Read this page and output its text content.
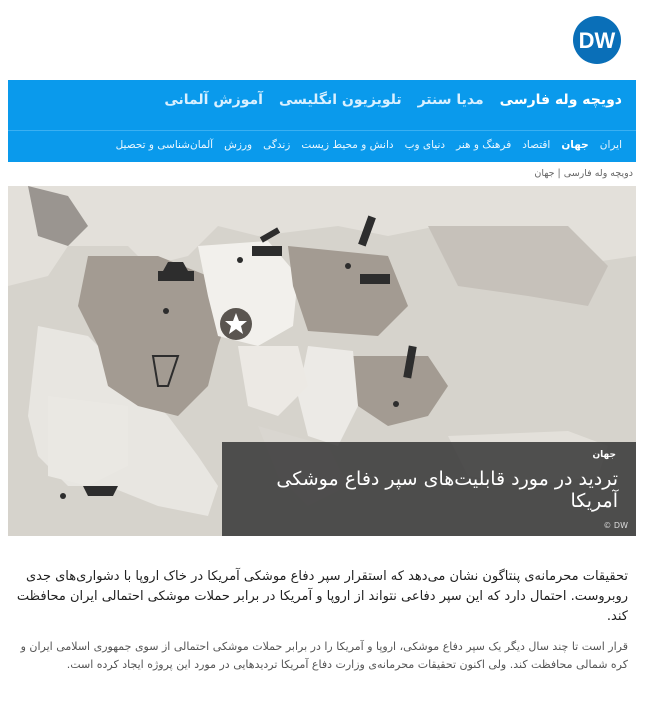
DW
دویچه وله فارسی
مدیا سنتر
تلویزیون انگلیسی
آموزش آلمانی
ایران
جهان
اقتصاد
فرهنگ و هنر
دنیای وب
دانش و محیط زیست
زندگی
ورزش
آلمان‌شناسی و تحصیل
دویچه وله فارسی | جهان
جهان
تردید در مورد قابلیت‌های سپر دفاع موشکی آمریکا
© DW

تحقیقات محرمانه‌ی پنتاگون نشان می‌دهد که استقرار سپر دفاع موشکی آمریکا در خاک اروپا با دشواری‌های جدی روبروست. احتمال دارد که این سپر دفاعی نتواند از اروپا و آمریکا در برابر حملات موشکی احتمالی ایران محافظت کند.

قرار است تا چند سال دیگر یک سپر دفاع موشکی، اروپا و آمریکا را در برابر حملات موشکی احتمالی از سوی جمهوری اسلامی ایران و کره شمالی محافظت کند. ولی اکنون تحقیقات محرمانه‌ی وزارت دفاع آمریکا تردیدهایی در مورد این پروژه ایجاد کرده است.
